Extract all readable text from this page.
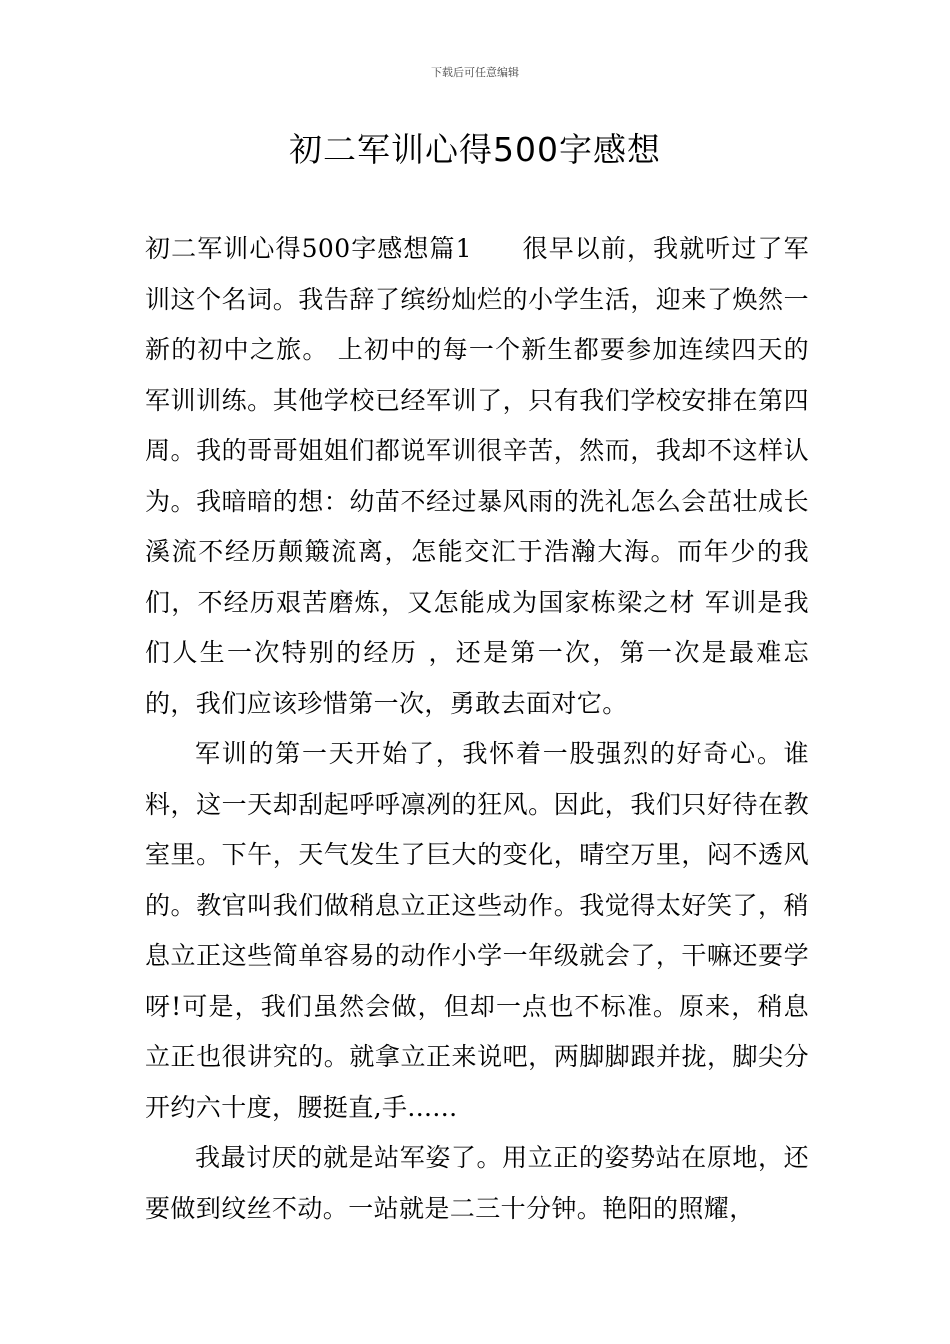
下载后可任意编辑
初二军训心得500字感想

初二军训心得500字感想篇1 很早以前，我就听过了军训这个名词。我告辞了缤纷灿烂的小学生活，迎来了焕然一新的初中之旅。 上初中的每一个新生都要参加连续四天的军训训练。其他学校已经军训了，只有我们学校安排在第四周。我的哥哥姐姐们都说军训很辛苦，然而，我却不这样认为。我暗暗的想：幼苗不经过暴风雨的洗礼怎么会茁壮成长 溪流不经历颠簸流离，怎能交汇于浩瀚大海。而年少的我们，不经历艰苦磨炼，又怎能成为国家栋梁之材 军训是我们人生一次特别的经历 ，还是第一次，第一次是最难忘的，我们应该珍惜第一次，勇敢去面对它。

军训的第一天开始了，我怀着一股强烈的好奇心。谁料，这一天却刮起呼呼凛冽的狂风。因此，我们只好待在教室里。下午，天气发生了巨大的变化，晴空万里，闷不透风的。教官叫我们做稍息立正这些动作。我觉得太好笑了，稍息立正这些简单容易的动作小学一年级就会了，干嘛还要学呀!可是，我们虽然会做，但却一点也不标准。原来，稍息立正也很讲究的。就拿立正来说吧，两脚脚跟并拢，脚尖分开约六十度，腰挺直,手......

我最讨厌的就是站军姿了。用立正的姿势站在原地，还要做到纹丝不动。一站就是二三十分钟。艳阳的照耀，
